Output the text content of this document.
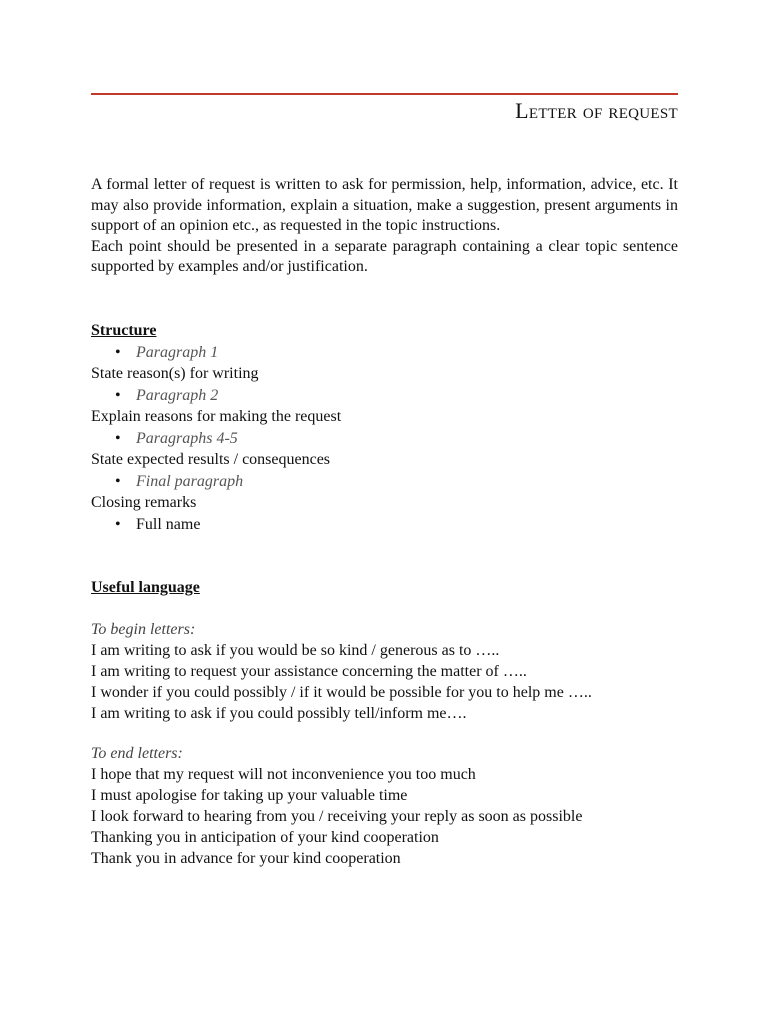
Letter of request

A formal letter of request is written to ask for permission, help, information, advice, etc. It may also provide information, explain a situation, make a suggestion, present arguments in support of an opinion etc., as requested in the topic instructions.

Each point should be presented in a separate paragraph containing a clear topic sentence supported by examples and/or justification.

Structure
• Paragraph 1
State reason(s) for writing
• Paragraph 2
Explain reasons for making the request
• Paragraphs 4-5
State expected results / consequences
• Final paragraph
Closing remarks
• Full name
Useful language
To begin letters:
I am writing to ask if you would be so kind / generous as to …..
I am writing to request your assistance concerning the matter of …..
I wonder if you could possibly / if it would be possible for you to help me …..
I am writing to ask if you could possibly tell/inform me….
To end letters:
I hope that my request will not inconvenience you too much
I must apologise for taking up your valuable time
I look forward to hearing from you / receiving your reply as soon as possible
Thanking you in anticipation of your kind cooperation
Thank you in advance for your kind cooperation
